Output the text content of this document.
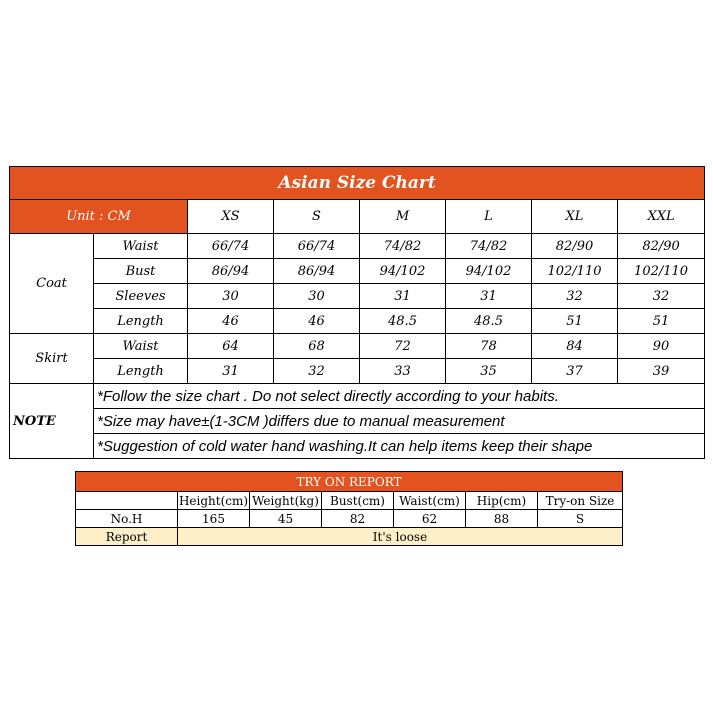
Asian Size Chart							
Unit : CM		XS	S	M	L	XL	XXL
Coat	Waist	66/74	66/74	74/82	74/82	82/90	82/90
	Bust	86/94	86/94	94/102	94/102	102/110	102/110
	Sleeves	30	30	31	31	32	32
	Length	46	46	48.5	48.5	51	51
Skirt	Waist	64	68	72	78	84	90
	Length	31	32	33	35	37	39
NOTE	*Follow the size chart . Do not select directly according to your habits.						
	*Size may have±(1-3CM )differs due to manual measurement						
	*Suggestion of cold water hand washing.It can help items keep their shape						
TRY ON REPORT						
	Height(cm)	Weight(kg)	Bust(cm)	Waist(cm)	Hip(cm)	Try-on Size
No.H	165	45	82	62	88	S
Report	It's loose					
